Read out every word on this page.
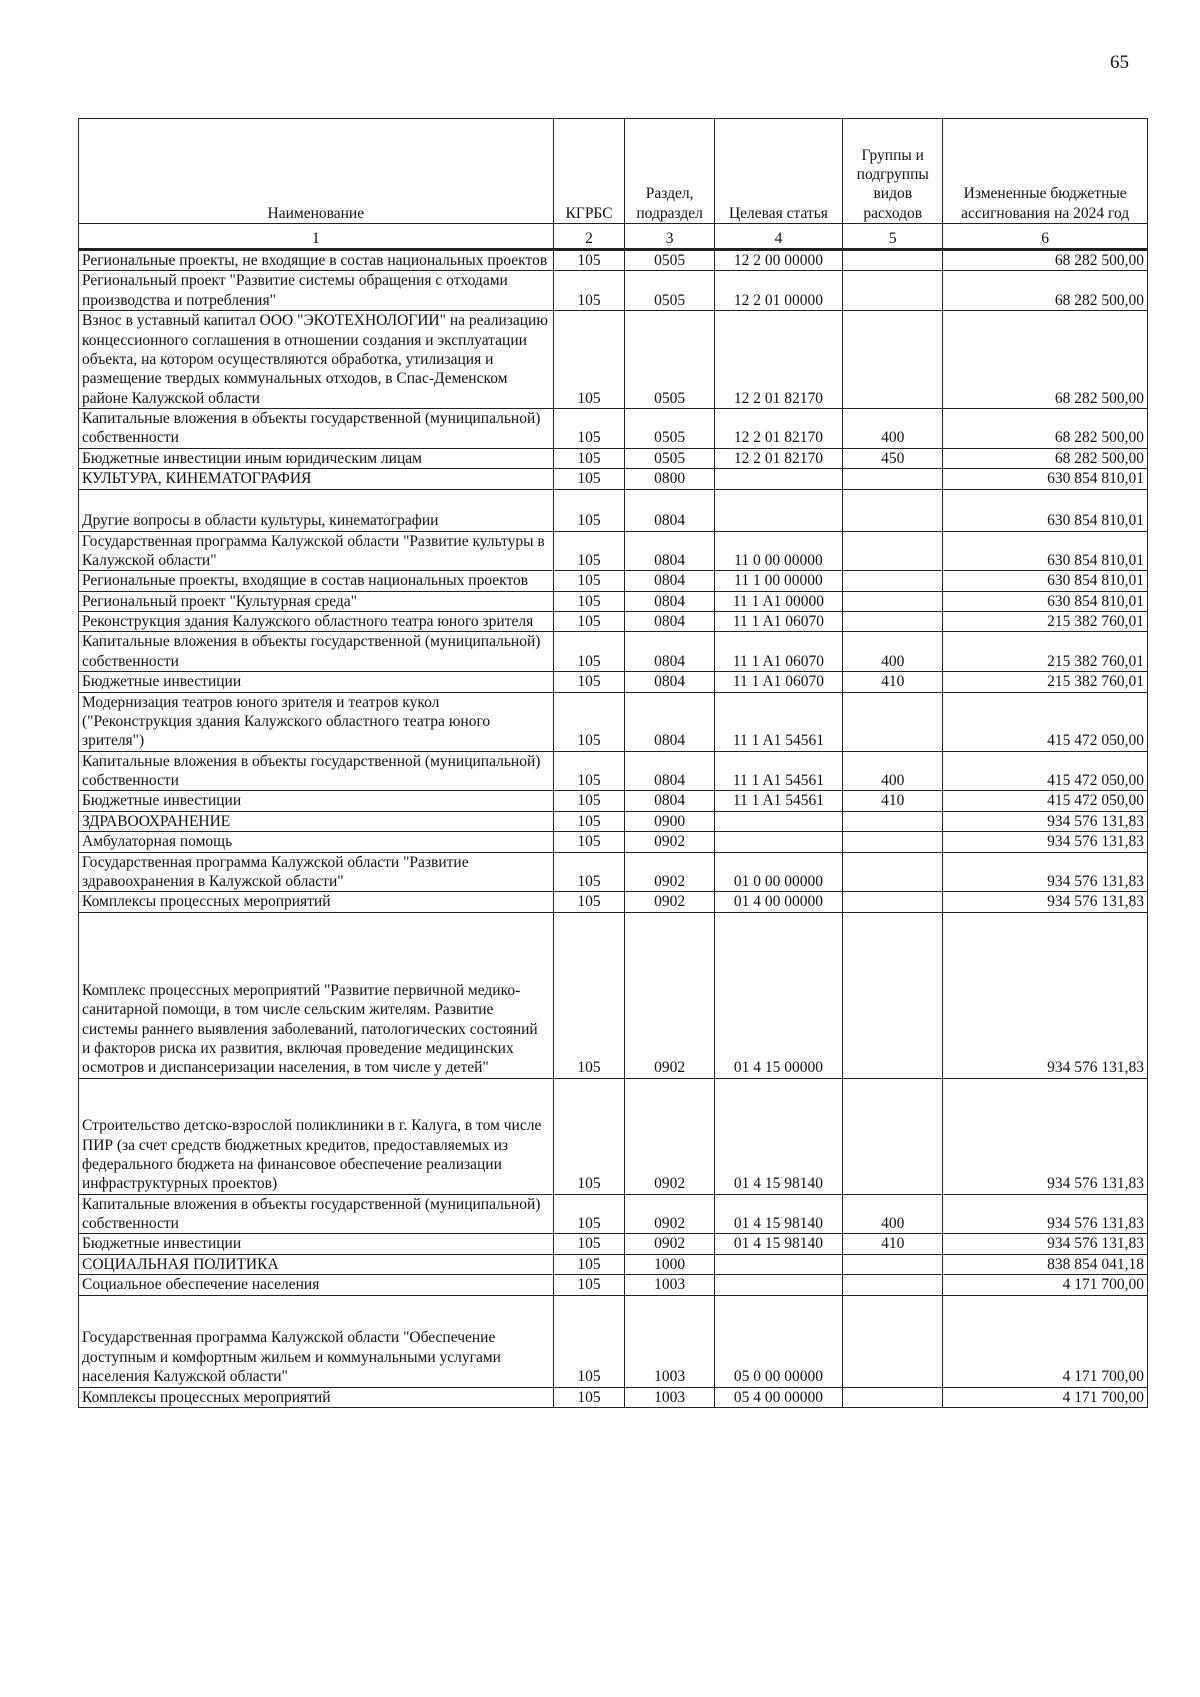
65
Наименование	КГРБС	Раздел, подраздел	Целевая статья	Группы и подгруппы видов расходов	Измененные бюджетные ассигнования на 2024 год
1	2	3	4	5	6
Региональные проекты, не входящие в состав национальных проектов	105	0505	12 2 00 00000		68 282 500,00
Региональный проект "Развитие системы обращения с отходами производства и потребления"	105	0505	12 2 01 00000		68 282 500,00
Взнос в уставный капитал ООО "ЭКОТЕХНОЛОГИИ" на реализацию концессионного соглашения в отношении создания и эксплуатации объекта, на котором осуществляются обработка, утилизация и размещение твердых коммунальных отходов, в Спас-Деменском районе Калужской области	105	0505	12 2 01 82170		68 282 500,00
Капитальные вложения в объекты государственной (муниципальной) собственности	105	0505	12 2 01 82170	400	68 282 500,00
Бюджетные инвестиции иным юридическим лицам	105	0505	12 2 01 82170	450	68 282 500,00
КУЛЬТУРА, КИНЕМАТОГРАФИЯ	105	0800			630 854 810,01
Другие вопросы в области культуры, кинематографии	105	0804			630 854 810,01
Государственная программа Калужской области "Развитие культуры в Калужской области"	105	0804	11 0 00 00000		630 854 810,01
Региональные проекты, входящие в состав национальных проектов	105	0804	11 1 00 00000		630 854 810,01
Региональный проект "Культурная среда"	105	0804	11 1 A1 00000		630 854 810,01
Реконструкция здания Калужского областного театра юного зрителя	105	0804	11 1 A1 06070		215 382 760,01
Капитальные вложения в объекты государственной (муниципальной) собственности	105	0804	11 1 A1 06070	400	215 382 760,01
Бюджетные инвестиции	105	0804	11 1 A1 06070	410	215 382 760,01
Модернизация театров юного зрителя и театров кукол ("Реконструкция здания Калужского областного театра юного зрителя")	105	0804	11 1 A1 54561		415 472 050,00
Капитальные вложения в объекты государственной (муниципальной) собственности	105	0804	11 1 A1 54561	400	415 472 050,00
Бюджетные инвестиции	105	0804	11 1 A1 54561	410	415 472 050,00
ЗДРАВООХРАНЕНИЕ	105	0900			934 576 131,83
Амбулаторная помощь	105	0902			934 576 131,83
Государственная программа Калужской области "Развитие здравоохранения в Калужской области"	105	0902	01 0 00 00000		934 576 131,83
Комплексы процессных мероприятий	105	0902	01 4 00 00000		934 576 131,83
Комплекс процессных мероприятий "Развитие первичной медико-санитарной помощи, в том числе сельским жителям. Развитие системы раннего выявления заболеваний, патологических состояний и факторов риска их развития, включая проведение медицинских осмотров и диспансеризации населения, в том числе у детей"	105	0902	01 4 15 00000		934 576 131,83
Строительство детско-взрослой поликлиники в г. Калуга, в том числе ПИР (за счет средств бюджетных кредитов, предоставляемых из федерального бюджета на финансовое обеспечение реализации инфраструктурных проектов)	105	0902	01 4 15 98140		934 576 131,83
Капитальные вложения в объекты государственной (муниципальной) собственности	105	0902	01 4 15 98140	400	934 576 131,83
Бюджетные инвестиции	105	0902	01 4 15 98140	410	934 576 131,83
СОЦИАЛЬНАЯ ПОЛИТИКА	105	1000			838 854 041,18
Социальное обеспечение населения	105	1003			4 171 700,00
Государственная программа Калужской области "Обеспечение доступным и комфортным жильем и коммунальными услугами населения Калужской области"	105	1003	05 0 00 00000		4 171 700,00
Комплексы процессных мероприятий	105	1003	05 4 00 00000		4 171 700,00
